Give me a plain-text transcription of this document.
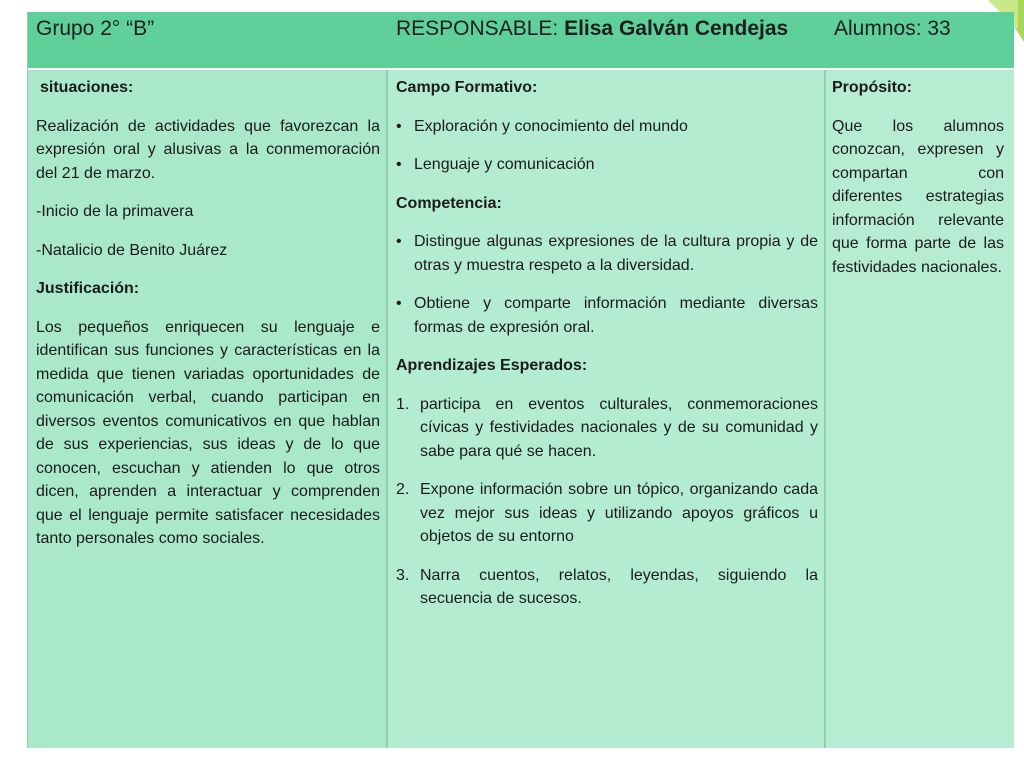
Grupo 2° “B”	RESPONSABLE: Elisa Galván Cendejas Alumnos: 33

situaciones:

Realización de actividades que favorezcan la expresión oral y alusivas a la conmemoración del 21 de marzo.

-Inicio de la primavera

-Natalicio de Benito Juárez

Justificación:

Los pequeños enriquecen su lenguaje e identifican sus funciones y características en la medida que tienen variadas oportunidades de comunicación verbal, cuando participan en diversos eventos comunicativos en que hablan de sus experiencias, sus ideas y de lo que conocen, escuchan y atienden lo que otros dicen, aprenden a interactuar y comprenden que el lenguaje permite satisfacer necesidades tanto personales como sociales.

Campo Formativo:

• Exploración y conocimiento del mundo
• Lenguaje y comunicación

Competencia:

• Distingue algunas expresiones de la cultura propia y de otras y muestra respeto a la diversidad.
• Obtiene y comparte información mediante diversas formas de expresión oral.

Aprendizajes Esperados:

1. participa en eventos culturales, conmemoraciones cívicas y festividades nacionales y de su comunidad y sabe para qué se hacen.
2. Expone información sobre un tópico, organizando cada vez mejor sus ideas y utilizando apoyos gráficos u objetos de su entorno
3. Narra cuentos, relatos, leyendas, siguiendo la secuencia de sucesos.

Propósito:

Que los alumnos conozcan, expresen y compartan con diferentes estrategias información relevante que forma parte de las festividades nacionales.
